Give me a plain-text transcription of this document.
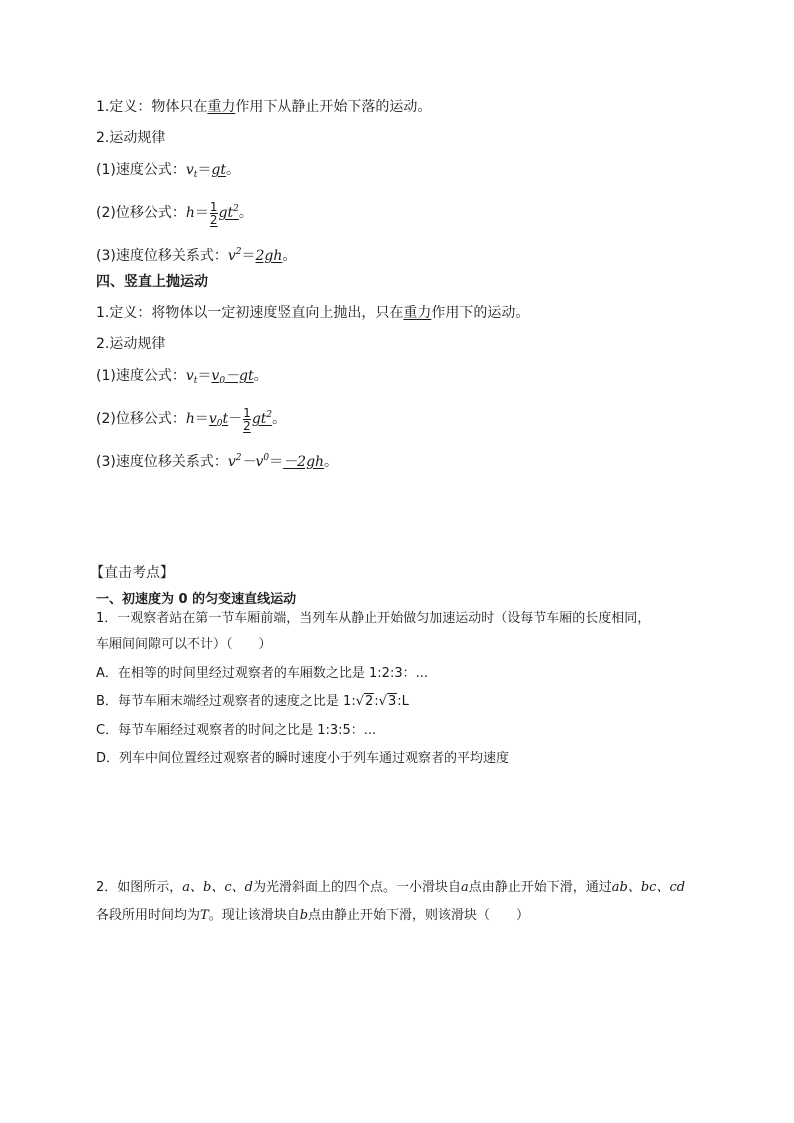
1.定义：物体只在重力作用下从静止开始下落的运动。
2.运动规律
(1)速度公式：$v_t=gt$。
(2)位移公式：$h= \frac{1}{2} gt^2$。
(3)速度位移关系式：$v^2=2gh$。
四、竖直上抛运动
1.定义：将物体以一定初速度竖直向上抛出，只在重力作用下的运动。
2.运动规律
(1)速度公式：$v_t=v_0-gt$。
(2)位移公式：$h=v_0t- \frac{1}{2} gt^2$。
(3)速度位移关系式：$v^2-v^0=-2gh$。
【直击考点】
一、初速度为 0 的匀变速直线运动
1．一观察者站在第一节车厢前端，当列车从静止开始做匀加速运动时（设每节车厢的长度相同，
车厢间间隙可以不计）（　　）
A．在相等的时间里经过观察者的车厢数之比是 1:2:3：...
B．每节车厢末端经过观察者的速度之比是 1:√2:√3:L
C．每节车厢经过观察者的时间之比是 1:3:5：...
D．列车中间位置经过观察者的瞬时速度小于列车通过观察者的平均速度
2．如图所示，a、b、c、d为光滑斜面上的四个点。一小滑块自a点由静止开始下滑，通过ab、bc、cd
各段所用时间均为T。现让该滑块自b点由静止开始下滑，则该滑块（　　）
